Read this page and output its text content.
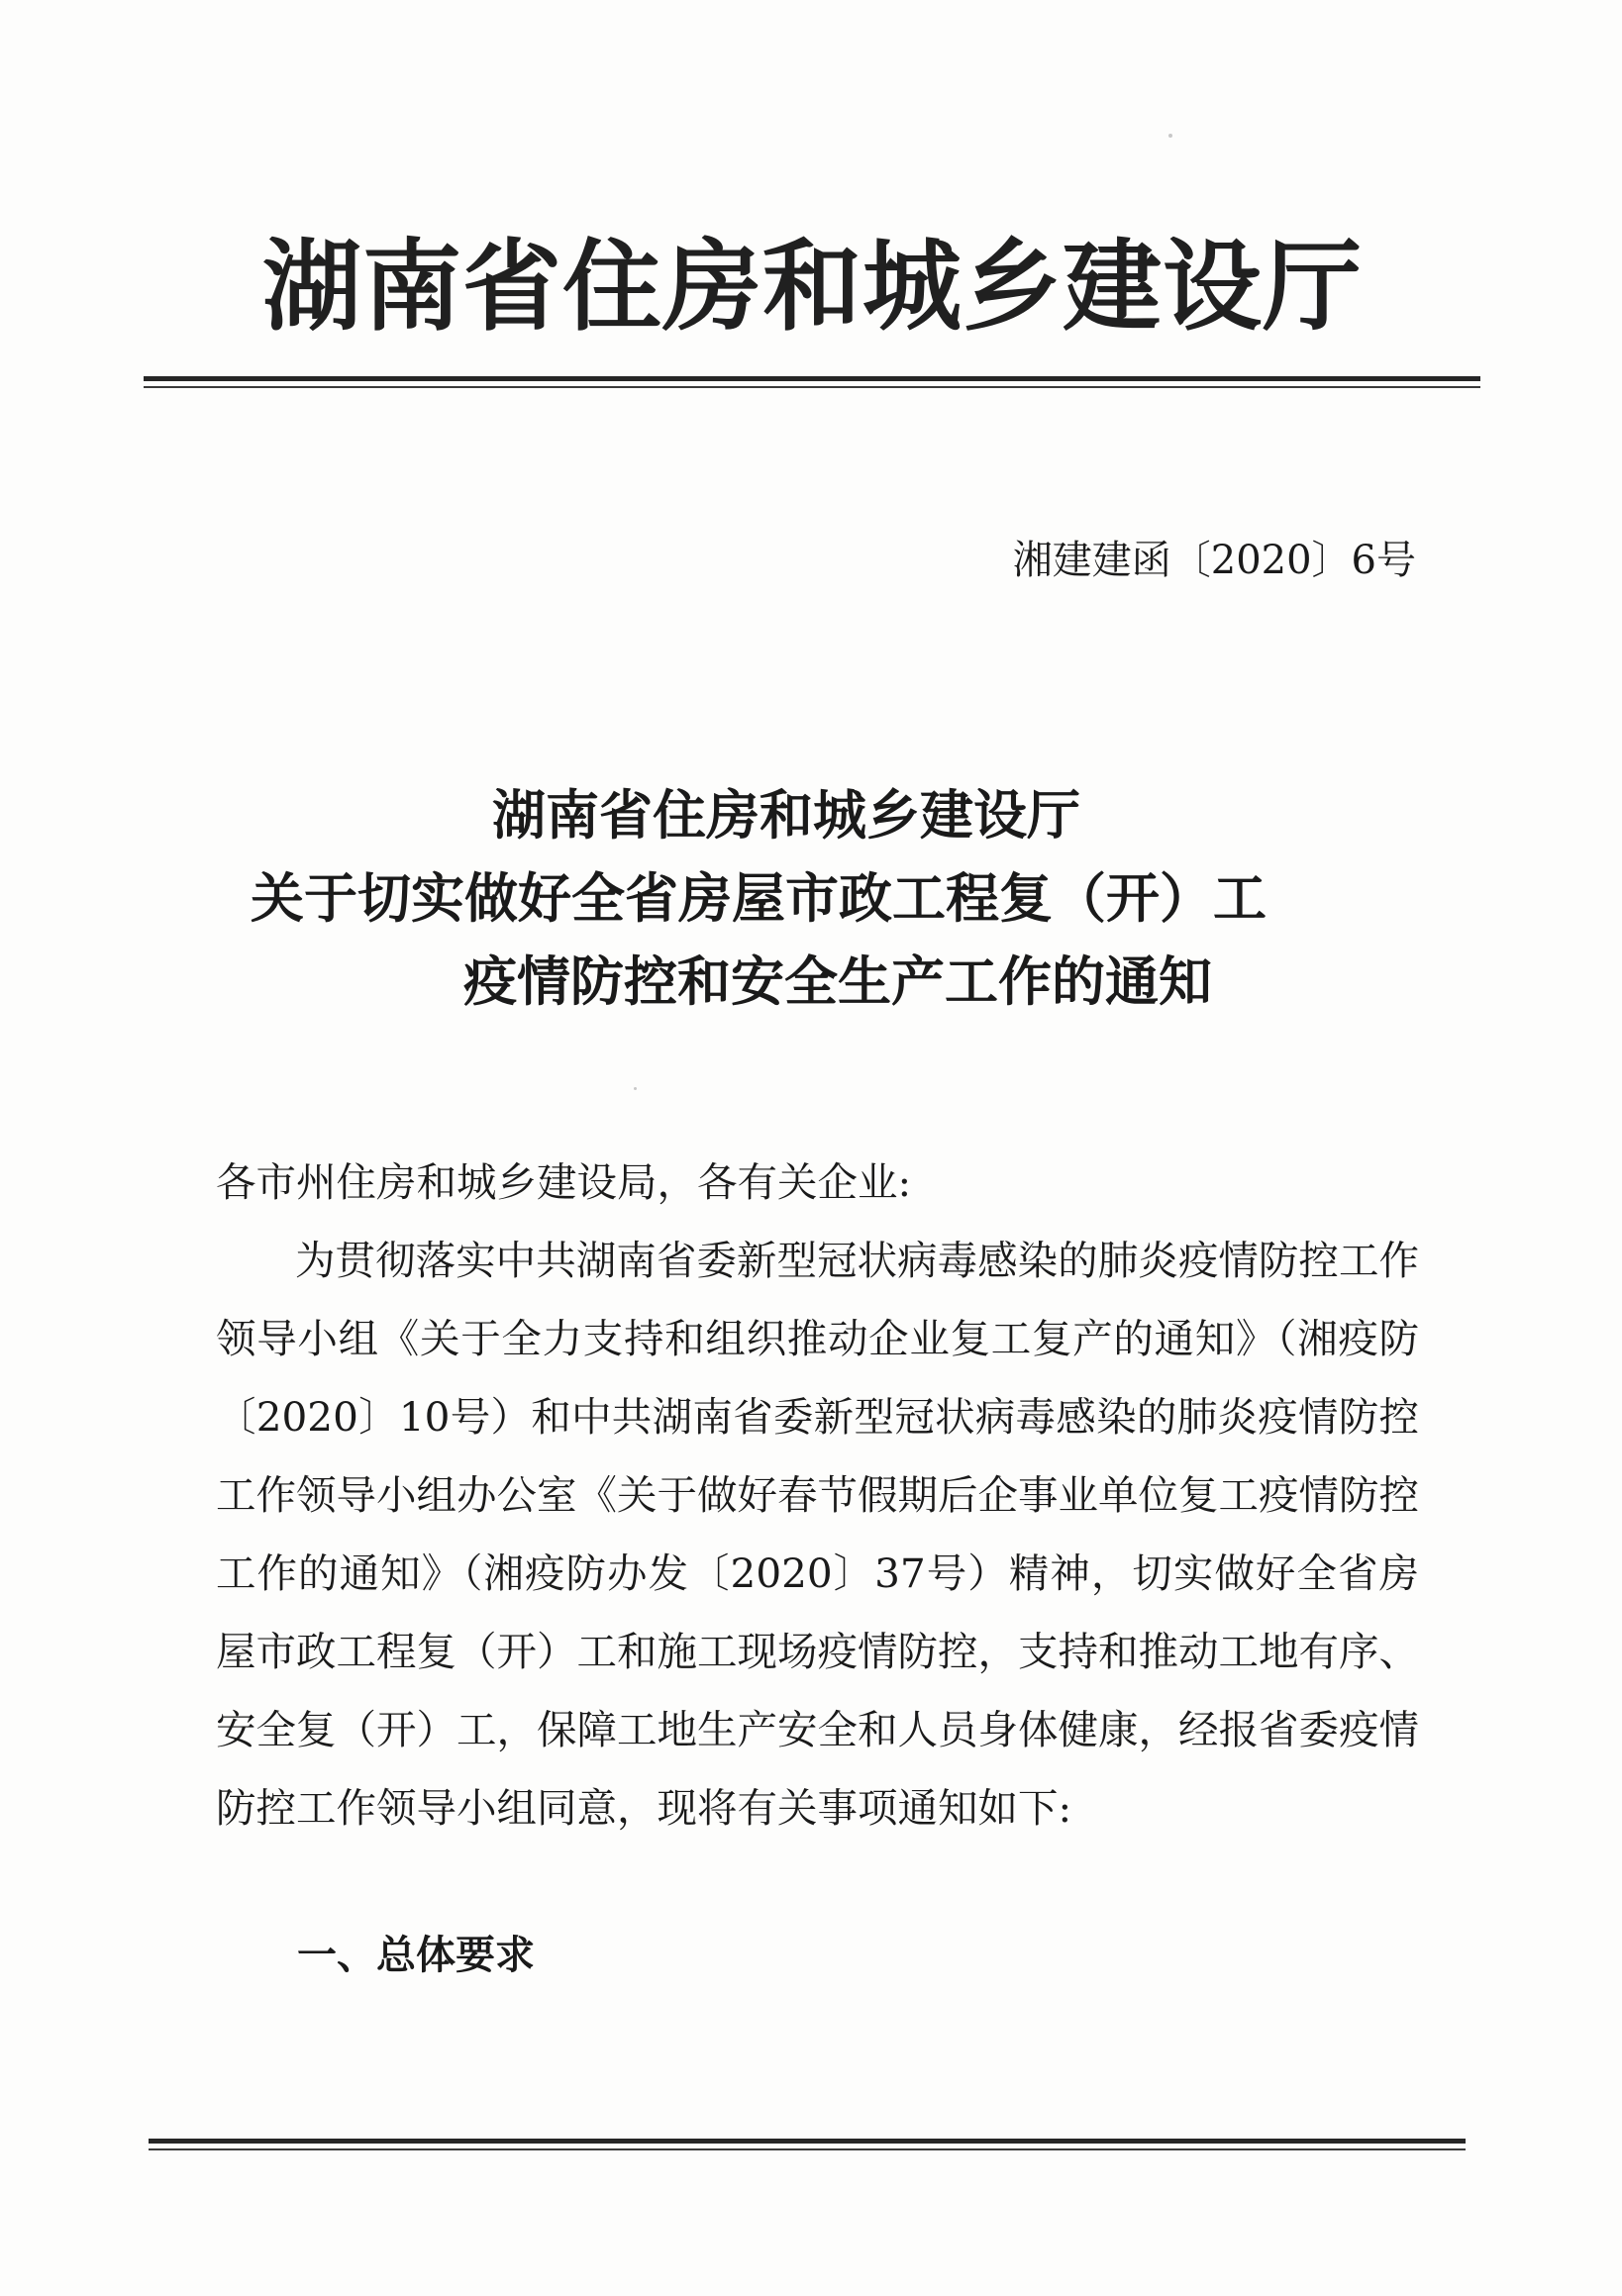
湖南省住房和城乡建设厅
湘建建函〔2020〕6号
湖南省住房和城乡建设厅
关于切实做好全省房屋市政工程复（开）工
疫情防控和安全生产工作的通知

各市州住房和城乡建设局，各有关企业:

为贯彻落实中共湖南省委新型冠状病毒感染的肺炎疫情防控工作领导小组《关于全力支持和组织推动企业复工复产的通知》（湘疫防〔2020〕10号）和中共湖南省委新型冠状病毒感染的肺炎疫情防控工作领导小组办公室《关于做好春节假期后企事业单位复工疫情防控工作的通知》（湘疫防办发〔2020〕37号）精神，切实做好全省房屋市政工程复（开）工和施工现场疫情防控，支持和推动工地有序、安全复（开）工，保障工地生产安全和人员身体健康，经报省委疫情防控工作领导小组同意，现将有关事项通知如下:

一、总体要求
